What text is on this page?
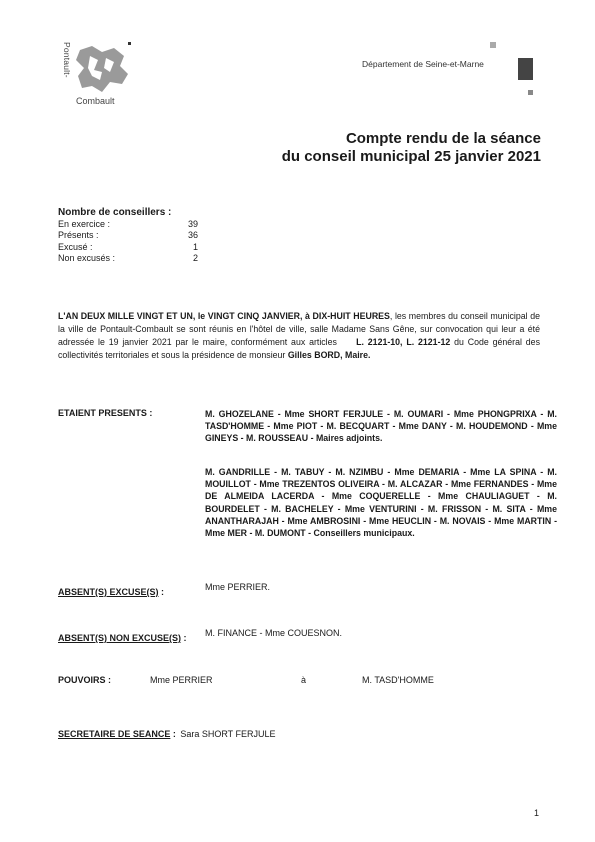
Pontault-
Combault
Département de Seine-et-Marne
Compte rendu de la séance
du conseil municipal 25 janvier 2021
Nombre de conseillers :
En exercice :	39
Présents :	36
Excusé :	1
Non excusés :	2
L'AN DEUX MILLE VINGT ET UN, le VINGT CINQ JANVIER, à DIX-HUIT HEURES, les membres du conseil municipal de la ville de Pontault-Combault se sont réunis en l'hôtel de ville, salle Madame Sans Gêne, sur convocation qui leur a été adressée le 19 janvier 2021 par le maire, conformément aux articles L. 2121-10, L. 2121-12 du Code général des collectivités territoriales et sous la présidence de monsieur Gilles BORD, Maire.
ETAIENT PRESENTS :	M. GHOZELANE - Mme SHORT FERJULE - M. OUMARI - Mme PHONGPRIXA - M. TASD'HOMME - Mme PIOT - M. BECQUART - Mme DANY - M. HOUDEMOND - Mme GINEYS - M. ROUSSEAU - Maires adjoints.
M. GANDRILLE - M. TABUY - M. NZIMBU - Mme DEMARIA - Mme LA SPINA - M. MOUILLOT - Mme TREZENTOS OLIVEIRA - M. ALCAZAR - Mme FERNANDES - Mme DE ALMEIDA LACERDA - Mme COQUERELLE - Mme CHAULIAGUET - M. BOURDELET - M. BACHELEY - Mme VENTURINI - M. FRISSON - M. SITA - Mme ANANTHARAJAH - Mme AMBROSINI - Mme HEUCLIN - M. NOVAIS - Mme MARTIN - Mme MER - M. DUMONT - Conseillers municipaux.
ABSENT(S) EXCUSE(S) :	Mme PERRIER.
ABSENT(S) NON EXCUSE(S) : M. FINANCE - Mme COUESNON.
POUVOIRS :	Mme PERRIER	à	M. TASD'HOMME
SECRETAIRE DE SEANCE : Sara SHORT FERJULE
1
